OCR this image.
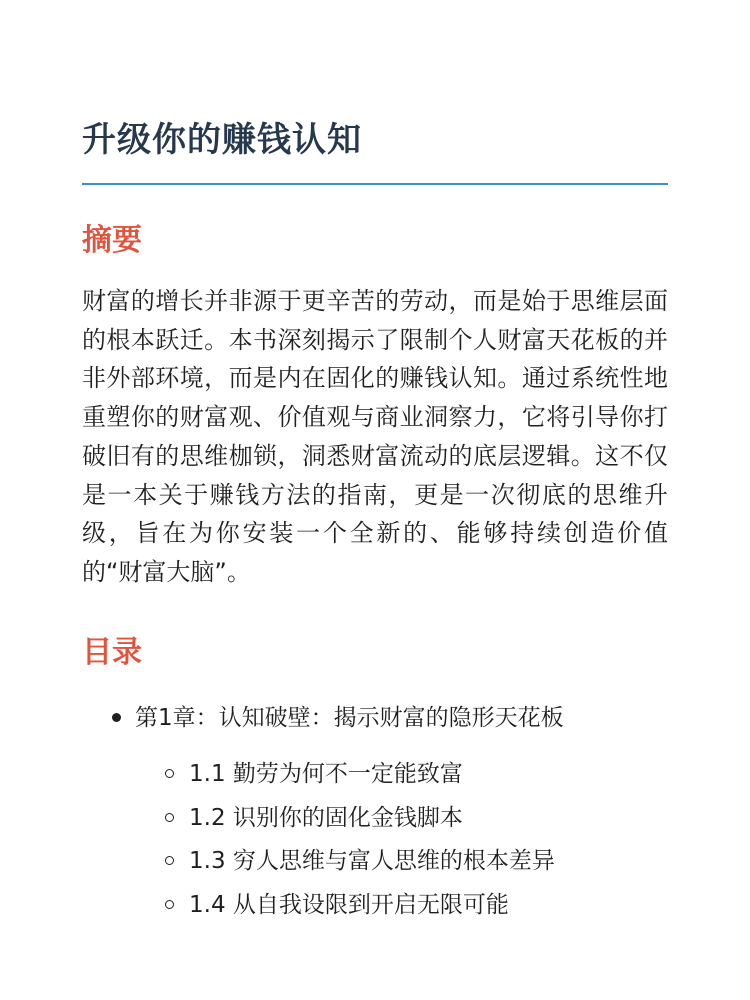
升级你的赚钱认知
摘要

财富的增长并非源于更辛苦的劳动，而是始于思维层面的根本跃迁。本书深刻揭示了限制个人财富天花板的并非外部环境，而是内在固化的赚钱认知。通过系统性地重塑你的财富观、价值观与商业洞察力，它将引导你打破旧有的思维枷锁，洞悉财富流动的底层逻辑。这不仅是一本关于赚钱方法的指南，更是一次彻底的思维升级，旨在为你安装一个全新的、能够持续创造价值的“财富大脑”。

目录
第1章：认知破壁：揭示财富的隐形天花板
1.1 勤劳为何不一定能致富
1.2 识别你的固化金钱脚本
1.3 穷人思维与富人思维的根本差异
1.4 从自我设限到开启无限可能
